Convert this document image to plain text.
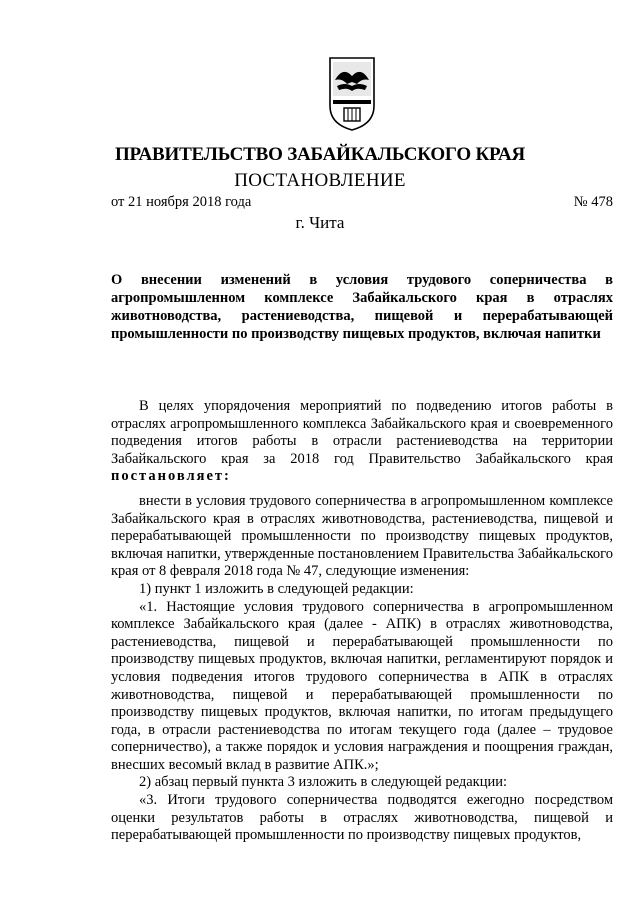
ПРАВИТЕЛЬСТВО ЗАБАЙКАЛЬСКОГО КРАЯ
ПОСТАНОВЛЕНИЕ
от 21 ноября 2018 года	№ 478
г. Чита
О внесении изменений в условия трудового соперничества в агропромышленном комплексе Забайкальского края в отраслях животноводства, растениеводства, пищевой и перерабатывающей промышленности по производству пищевых продуктов, включая напитки

В целях упорядочения мероприятий по подведению итогов работы в отраслях агропромышленного комплекса Забайкальского края и своевременного подведения итогов работы в отрасли растениеводства на территории Забайкальского края за 2018 год Правительство Забайкальского края постановляет:

внести в условия трудового соперничества в агропромышленном комплексе Забайкальского края в отраслях животноводства, растениеводства, пищевой и перерабатывающей промышленности по производству пищевых продуктов, включая напитки, утвержденные постановлением Правительства Забайкальского края от 8 февраля 2018 года № 47, следующие изменения:

1) пункт 1 изложить в следующей редакции:

«1. Настоящие условия трудового соперничества в агропромышленном комплексе Забайкальского края (далее - АПК) в отраслях животноводства, растениеводства, пищевой и перерабатывающей промышленности по производству пищевых продуктов, включая напитки, регламентируют порядок и условия подведения итогов трудового соперничества в АПК в отраслях животноводства, пищевой и перерабатывающей промышленности по производству пищевых продуктов, включая напитки, по итогам предыдущего года, в отрасли растениеводства по итогам текущего года (далее – трудовое соперничество), а также порядок и условия награждения и поощрения граждан, внесших весомый вклад в развитие АПК.»;

2) абзац первый пункта 3 изложить в следующей редакции:

«3. Итоги трудового соперничества подводятся ежегодно посредством оценки результатов работы в отраслях животноводства, пищевой и перерабатывающей промышленности по производству пищевых продуктов,
